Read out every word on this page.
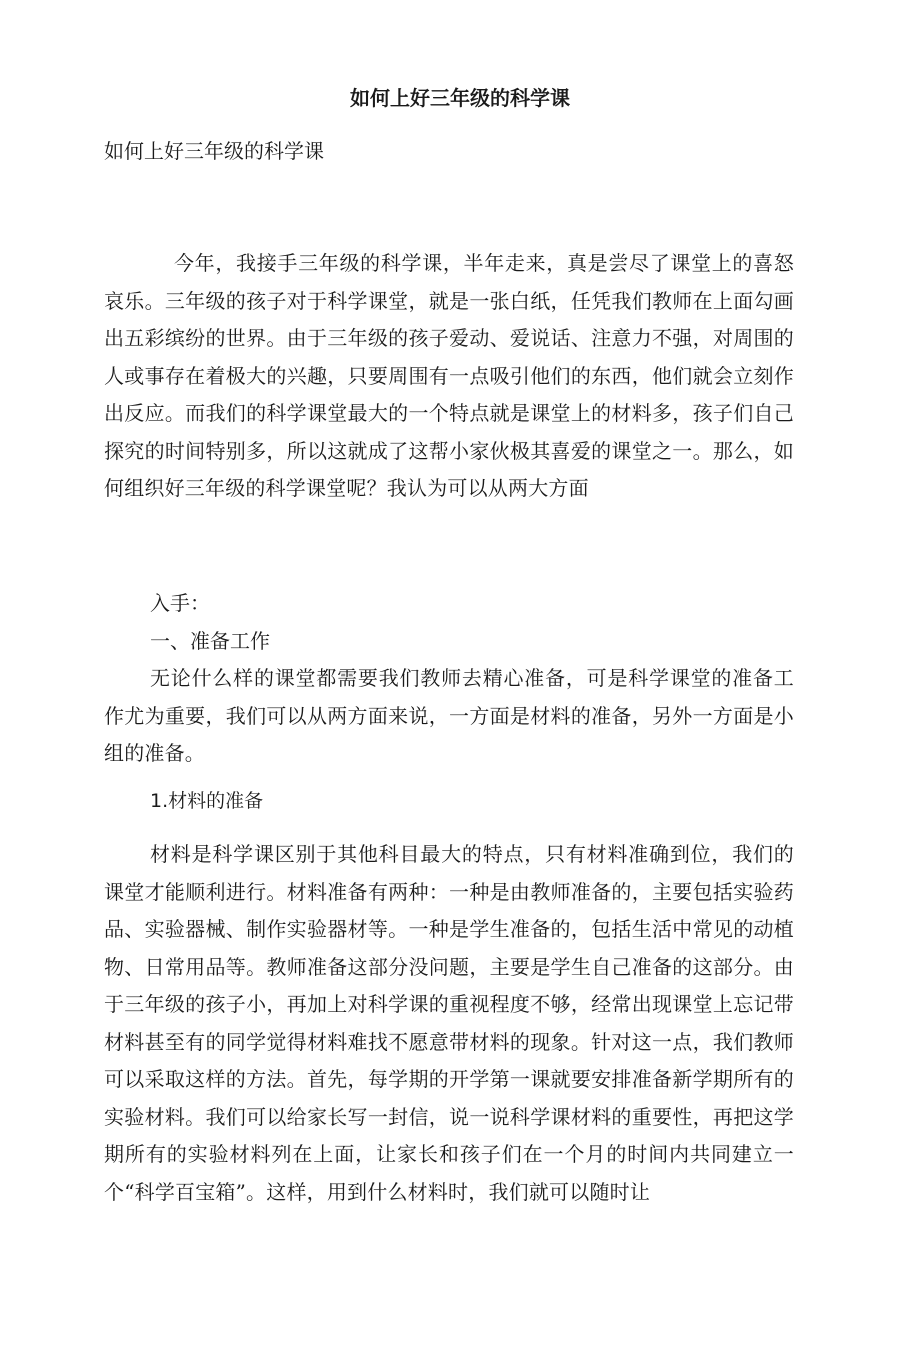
如何上好三年级的科学课
如何上好三年级的科学课

今年，我接手三年级的科学课，半年走来，真是尝尽了课堂上的喜怒哀乐。三年级的孩子对于科学课堂，就是一张白纸，任凭我们教师在上面勾画出五彩缤纷的世界。由于三年级的孩子爱动、爱说话、注意力不强，对周围的人或事存在着极大的兴趣，只要周围有一点吸引他们的东西，他们就会立刻作出反应。而我们的科学课堂最大的一个特点就是课堂上的材料多，孩子们自己探究的时间特别多，所以这就成了这帮小家伙极其喜爱的课堂之一。那么，如何组织好三年级的科学课堂呢？我认为可以从两大方面

入手：
一、准备工作

无论什么样的课堂都需要我们教师去精心准备，可是科学课堂的准备工作尤为重要，我们可以从两方面来说，一方面是材料的准备，另外一方面是小组的准备。

1.材料的准备

材料是科学课区别于其他科目最大的特点，只有材料准确到位，我们的课堂才能顺利进行。材料准备有两种：一种是由教师准备的，主要包括实验药品、实验器械、制作实验器材等。一种是学生准备的，包括生活中常见的动植物、日常用品等。教师准备这部分没问题，主要是学生自己准备的这部分。由于三年级的孩子小，再加上对科学课的重视程度不够，经常出现课堂上忘记带材料甚至有的同学觉得材料难找不愿意带材料的现象。针对这一点，我们教师可以采取这样的方法。首先，每学期的开学第一课就要安排准备新学期所有的实验材料。我们可以给家长写一封信，说一说科学课材料的重要性，再把这学期所有的实验材料列在上面，让家长和孩子们在一个月的时间内共同建立一个“科学百宝箱”。这样，用到什么材料时，我们就可以随时让
